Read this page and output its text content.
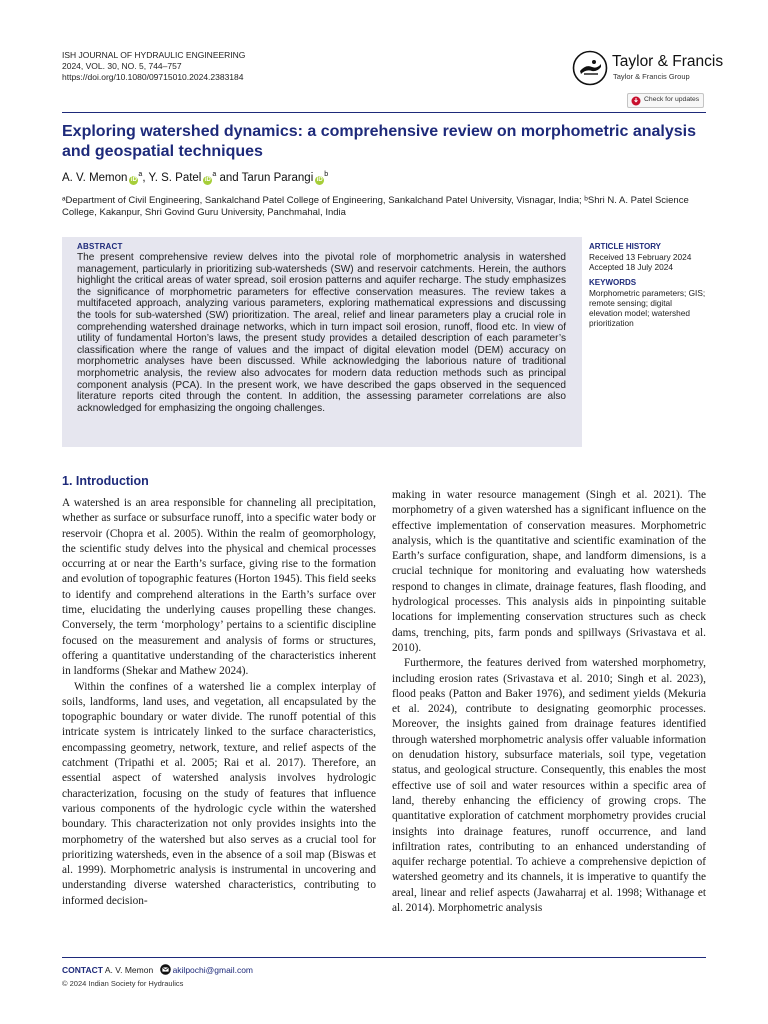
ISH JOURNAL OF HYDRAULIC ENGINEERING
2024, VOL. 30, NO. 5, 744–757
https://doi.org/10.1080/09715010.2024.2383184
Taylor & Francis
Taylor & Francis Group
Check for updates
Exploring watershed dynamics: a comprehensive review on morphometric analysis and geospatial techniques
A. V. Memon $iD^a$, Y. S. Patel $iD^a$ and Tarun Parangi $iD^b$

ᵃDepartment of Civil Engineering, Sankalchand Patel College of Engineering, Sankalchand Patel University, Visnagar, India; ᵇShri N. A. Patel Science College, Kakanpur, Shri Govind Guru University, Panchmahal, India

ABSTRACT

The present comprehensive review delves into the pivotal role of morphometric analysis in watershed management, particularly in prioritizing sub-watersheds (SW) and reservoir catchments. Herein, the authors highlight the critical areas of water spread, soil erosion patterns and aquifer recharge. The study emphasizes the significance of morphometric parameters for effective conservation measures. The review takes a multifaceted approach, analyzing various parameters, exploring mathematical expressions and discussing the tools for sub-watershed (SW) prioritization. The areal, relief and linear parameters play a crucial role in comprehending watershed drainage networks, which in turn impact soil erosion, runoff, flood etc. In view of utility of fundamental Horton’s laws, the present study provides a detailed description of each parameter’s classification where the range of values and the impact of digital elevation model (DEM) accuracy on morphometric analyses have been discussed. While acknowledging the laborious nature of traditional morphometric analysis, the review also advocates for modern data reduction methods such as principal component analysis (PCA). In the present work, we have described the gaps observed in the sequenced literature reports cited through the content. In addition, the assessing parameter correlations are also acknowledged for emphasizing the ongoing challenges.

ARTICLE HISTORY
Received 13 February 2024
Accepted 18 July 2024
KEYWORDS

Morphometric parameters; GIS; remote sensing; digital elevation model; watershed prioritization

1. Introduction

A watershed is an area responsible for channeling all precipitation, whether as surface or subsurface runoff, into a specific water body or reservoir (Chopra et al. 2005). Within the realm of geomorphology, the scientific study delves into the physical and chemical processes occurring at or near the Earth’s surface, giving rise to the formation and evolution of topographic features (Horton 1945). This field seeks to identify and comprehend alterations in the Earth’s surface over time, elucidating the underlying causes propelling these changes. Conversely, the term ‘morphology’ pertains to a scientific discipline focused on the measurement and analysis of forms or structures, offering a quantitative understanding of the characteristics inherent in landforms (Shekar and Mathew 2024).

Within the confines of a watershed lie a complex interplay of soils, landforms, land uses, and vegetation, all encapsulated by the topographic boundary or water divide. The runoff potential of this intricate system is intricately linked to the surface characteristics, encompassing geometry, network, texture, and relief aspects of the catchment (Tripathi et al. 2005; Rai et al. 2017). Therefore, an essential aspect of watershed analysis involves hydrologic characterization, focusing on the study of features that influence various components of the hydrologic cycle within the watershed boundary. This characterization not only provides insights into the morphometry of the watershed but also serves as a crucial tool for prioritizing watersheds, even in the absence of a soil map (Biswas et al. 1999). Morphometric analysis is instrumental in uncovering and understanding diverse watershed characteristics, contributing to informed decision-

making in water resource management (Singh et al. 2021). The morphometry of a given watershed has a significant influence on the effective implementation of conservation measures. Morphometric analysis, which is the quantitative and scientific examination of the Earth’s surface configuration, shape, and landform dimensions, is a crucial technique for monitoring and evaluating how watersheds respond to changes in climate, drainage features, flash flooding, and hydrological processes. This analysis aids in pinpointing suitable locations for implementing conservation structures such as check dams, trenching, pits, farm ponds and spillways (Srivastava et al. 2010).

Furthermore, the features derived from watershed morphometry, including erosion rates (Srivastava et al. 2010; Singh et al. 2023), flood peaks (Patton and Baker 1976), and sediment yields (Mekuria et al. 2024), contribute to designating geomorphic processes. Moreover, the insights gained from drainage features identified through watershed morphometric analysis offer valuable information on denudation history, subsurface materials, soil type, vegetation status, and geological structure. Consequently, this enables the most effective use of soil and water resources within a specific area of land, thereby enhancing the efficiency of growing crops. The quantitative exploration of catchment morphometry provides crucial insights into drainage features, runoff occurrence, and land infiltration rates, contributing to an enhanced understanding of aquifer recharge potential. To achieve a comprehensive depiction of watershed geometry and its channels, it is imperative to quantify the areal, linear and relief aspects (Jawaharraj et al. 1998; Withanage et al. 2014). Morphometric analysis

CONTACT A. V. Memon akilpochi@gmail.com
© 2024 Indian Society for Hydraulics
